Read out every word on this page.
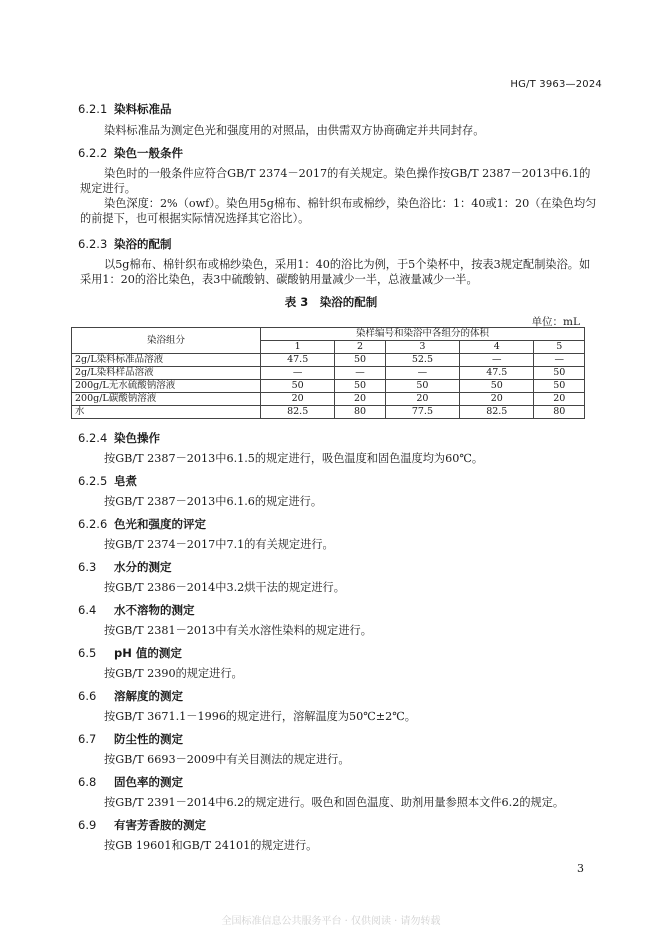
HG/T 3963—2024
6.2.1 染料标准品
染料标准品为测定色光和强度用的对照品，由供需双方协商确定并共同封存。
6.2.2 染色一般条件
染色时的一般条件应符合GB/T 2374－2017的有关规定。染色操作按GB/T 2387－2013中6.1的规定进行。
染色深度：2%（owf）。染色用5g棉布、棉针织布或棉纱，染色浴比：1：40或1：20（在染色均匀的前提下，也可根据实际情况选择其它浴比）。
6.2.3 染浴的配制
以5g棉布、棉针织布或棉纱染色，采用1：40的浴比为例，于5个染杯中，按表3规定配制染浴。如采用1：20的浴比染色，表3中硫酸钠、碳酸钠用量减少一半，总液量减少一半。
表 3　染浴的配制
单位：mL
染浴组分	染样编号和染浴中各组分的体积				
	1	2	3	4	5
2g/L染料标准品溶液	47.5	50	52.5	—	—
2g/L染料样品溶液	—	—	—	47.5	50
200g/L无水硫酸钠溶液	50	50	50	50	50
200g/L碳酸钠溶液	20	20	20	20	20
水	82.5	80	77.5	82.5	80
6.2.4 染色操作
按GB/T 2387－2013中6.1.5的规定进行，吸色温度和固色温度均为60℃。
6.2.5 皂煮
按GB/T 2387－2013中6.1.6的规定进行。
6.2.6 色光和强度的评定
按GB/T 2374－2017中7.1的有关规定进行。
6.3 水分的测定
按GB/T 2386－2014中3.2烘干法的规定进行。
6.4 水不溶物的测定
按GB/T 2381－2013中有关水溶性染料的规定进行。
6.5 pH 值的测定
按GB/T 2390的规定进行。
6.6 溶解度的测定
按GB/T 3671.1－1996的规定进行，溶解温度为50℃±2℃。
6.7 防尘性的测定
按GB/T 6693－2009中有关目测法的规定进行。
6.8 固色率的测定
按GB/T 2391－2014中6.2的规定进行。吸色和固色温度、助剂用量参照本文件6.2的规定。
6.9 有害芳香胺的测定
按GB 19601和GB/T 24101的规定进行。
3
全国标准信息公共服务平台 · 仅供阅读 · 请勿转载
